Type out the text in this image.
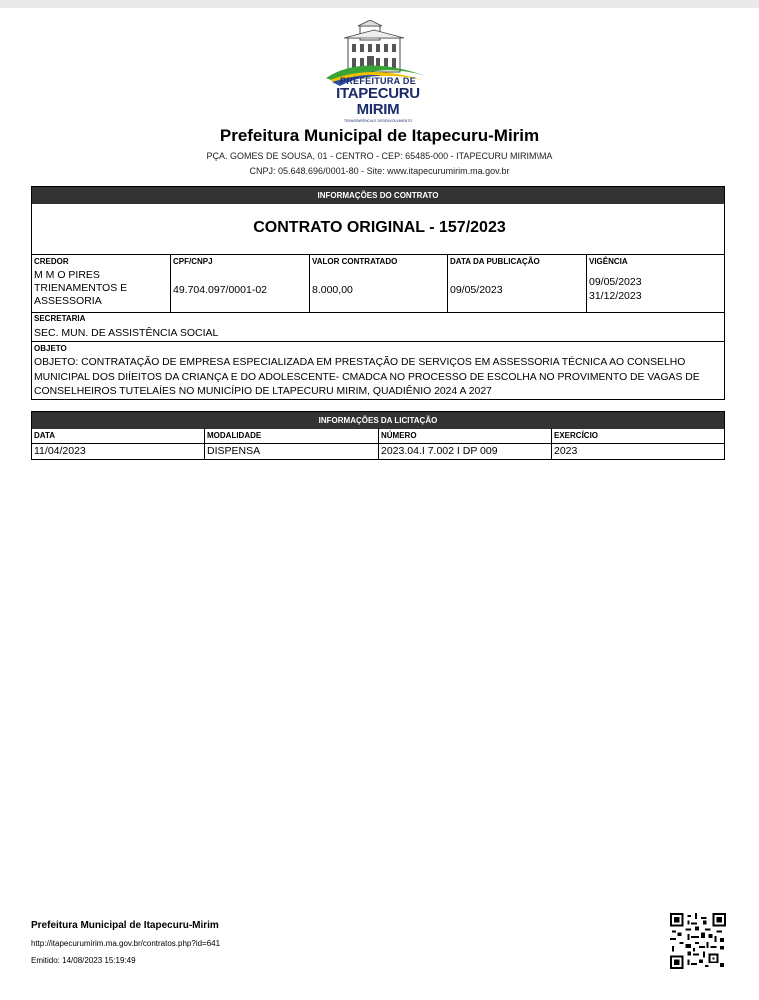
PREFEITURA DE
ITAPECURU MIRIM
TRANSPARÊNCIA E DESENVOLVIMENTO
Prefeitura Municipal de Itapecuru-Mirim
PÇA. GOMES DE SOUSA, 01 - CENTRO - CEP: 65485-000 - ITAPECURU MIRIM\MA
CNPJ: 05.648.696/0001-80 - Site: www.itapecurumirim.ma.gov.br
INFORMAÇÕES DO CONTRATO
CONTRATO ORIGINAL - 157/2023
CREDOR
M M O PIRES TRIENAMENTOS E ASSESSORIA
CPF/CNPJ
49.704.097/0001-02
VALOR CONTRATADO
8.000,00
DATA DA PUBLICAÇÃO
09/05/2023
VIGÊNCIA
09/05/2023
31/12/2023
SECRETARIA
SEC. MUN. DE ASSISTÊNCIA SOCIAL
OBJETO
OBJETO: CONTRATAÇÃO DE EMPRESA ESPECIALIZADA EM PRESTAÇÃO DE SERVIÇOS EM ASSESSORIA TÉCNICA AO CONSELHO MUNICIPAL DOS DIÍEITOS DA CRIANÇA E DO ADOLESCENTE- CMADCA NO PROCESSO DE ESCOLHA NO PROVIMENTO DE VAGAS DE CONSELHEIROS TUTELAÍES NO MUNICÍPIO DE LTAPECURU MIRIM, QUADIÊNIO 2024 A 2027
INFORMAÇÕES DA LICITAÇÃO
DATA
11/04/2023
MODALIDADE
DISPENSA
NÚMERO
2023.04.I 7.002 I DP 009
EXERCÍCIO
2023
Prefeitura Municipal de Itapecuru-Mirim
http://itapecurumirim.ma.gov.br/contratos.php?id=641
Emitido: 14/08/2023 15:19:49
